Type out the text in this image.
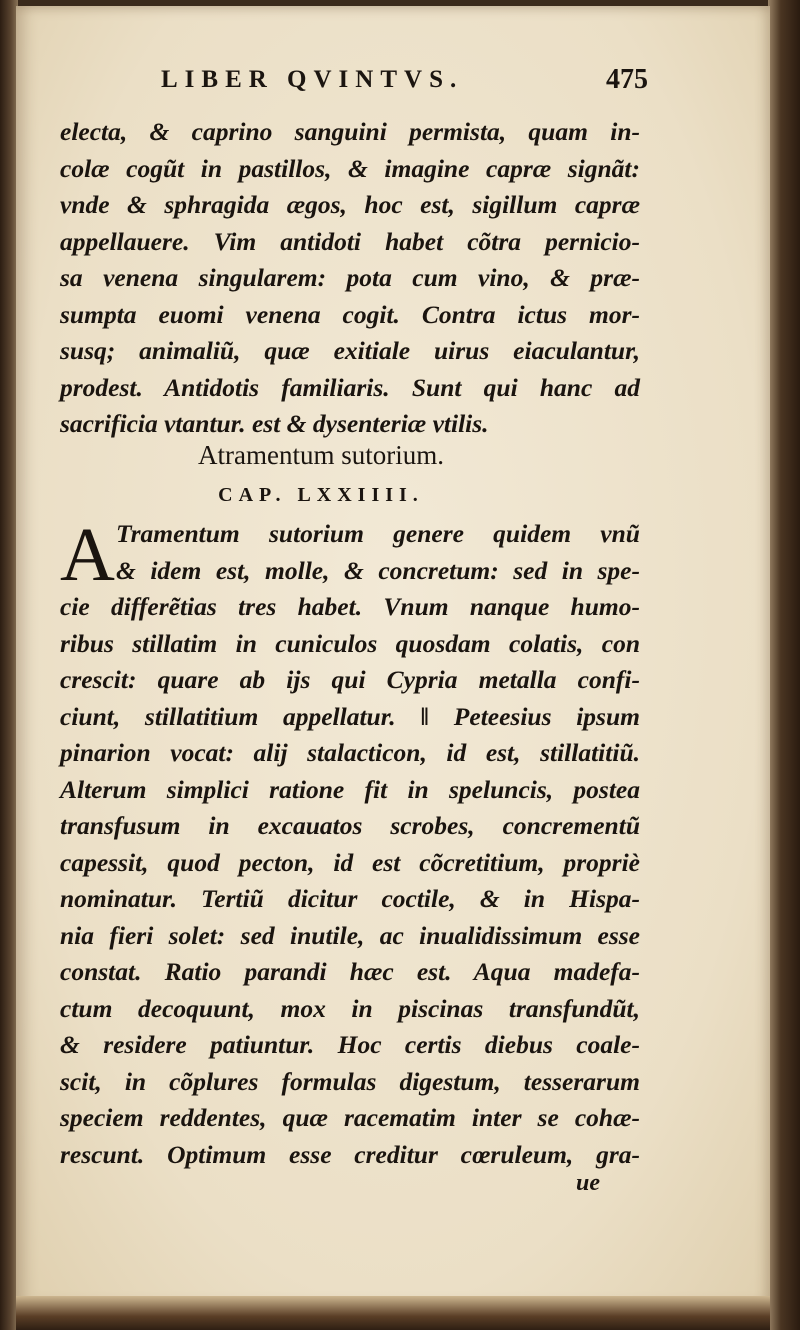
LIBER QVINTVS.	475
electa, & caprino sanguini permista, quam in-
colæ cogũt in pastillos, & imagine capræ signãt:
vnde & sphragida ægos, hoc est, sigillum capræ
appellauere. Vim antidoti habet cõtra pernicio-
sa venena singularem: pota cum vino, & præ-
sumpta euomi venena cogit. Contra ictus mor-
susq; animaliũ, quæ exitiale uirus eiaculantur,
prodest. Antidotis familiaris. Sunt qui hanc ad
sacrificia vtantur. est & dysenteriæ vtilis.
Atramentum sutorium.
CAP. LXXIIII.
A Tramentum sutorium genere quidem vnũ
& idem est, molle, & concretum: sed in spe-
cie differẽtias tres habet. Vnum nanque humo-
ribus stillatim in cuniculos quosdam colatis, con
crescit: quare ab ijs qui Cypria metalla confi-
ciunt, stillatitium appellatur. ‖ Peteesius ipsum
pinarion vocat: alij stalacticon, id est, stillatitiũ.
Alterum simplici ratione fit in speluncis, postea
transfusum in excauatos scrobes, concrementũ
capessit, quod pecton, id est cõcretitium, propriè
nominatur. Tertiũ dicitur coctile, & in Hispa-
nia fieri solet: sed inutile, ac inualidissimum esse
constat. Ratio parandi hæc est. Aqua madefa-
ctum decoquunt, mox in piscinas transfundũt,
& residere patiuntur. Hoc certis diebus coale-
scit, in cõplures formulas digestum, tesserarum
speciem reddentes, quæ racematim inter se cohæ-
rescunt. Optimum esse creditur cœruleum, gra-
ue
